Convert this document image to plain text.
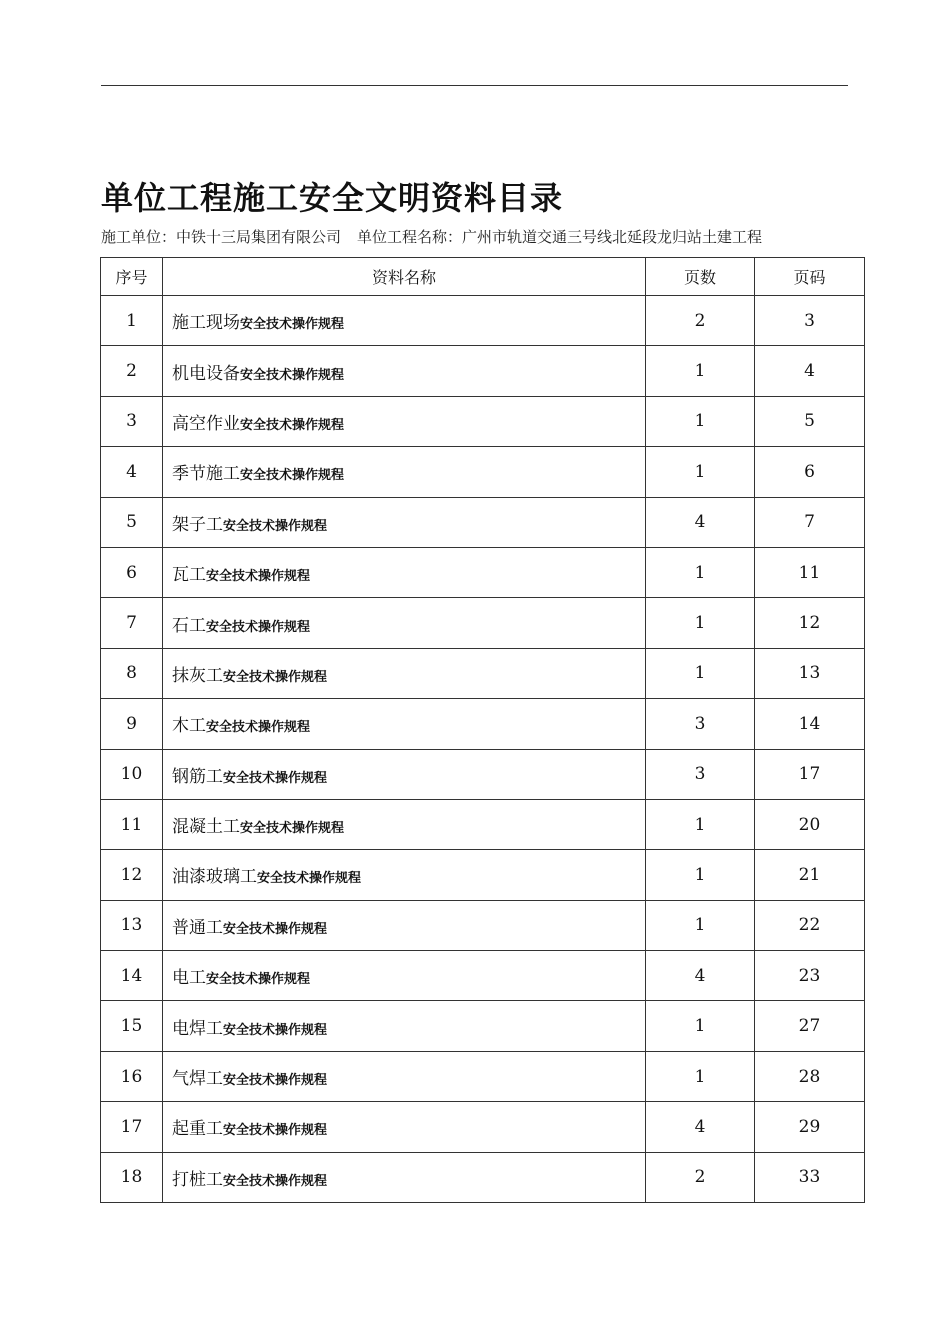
单位工程施工安全文明资料目录
施工单位：中铁十三局集团有限公司 单位工程名称：广州市轨道交通三号线北延段龙归站土建工程
序号	资料名称	页数	页码
1	施工现场安全技术操作规程	2	3
2	机电设备安全技术操作规程	1	4
3	高空作业安全技术操作规程	1	5
4	季节施工安全技术操作规程	1	6
5	架子工安全技术操作规程	4	7
6	瓦工安全技术操作规程	1	11
7	石工安全技术操作规程	1	12
8	抹灰工安全技术操作规程	1	13
9	木工安全技术操作规程	3	14
10	钢筋工安全技术操作规程	3	17
11	混凝土工安全技术操作规程	1	20
12	油漆玻璃工安全技术操作规程	1	21
13	普通工安全技术操作规程	1	22
14	电工安全技术操作规程	4	23
15	电焊工安全技术操作规程	1	27
16	气焊工安全技术操作规程	1	28
17	起重工安全技术操作规程	4	29
18	打桩工安全技术操作规程	2	33
